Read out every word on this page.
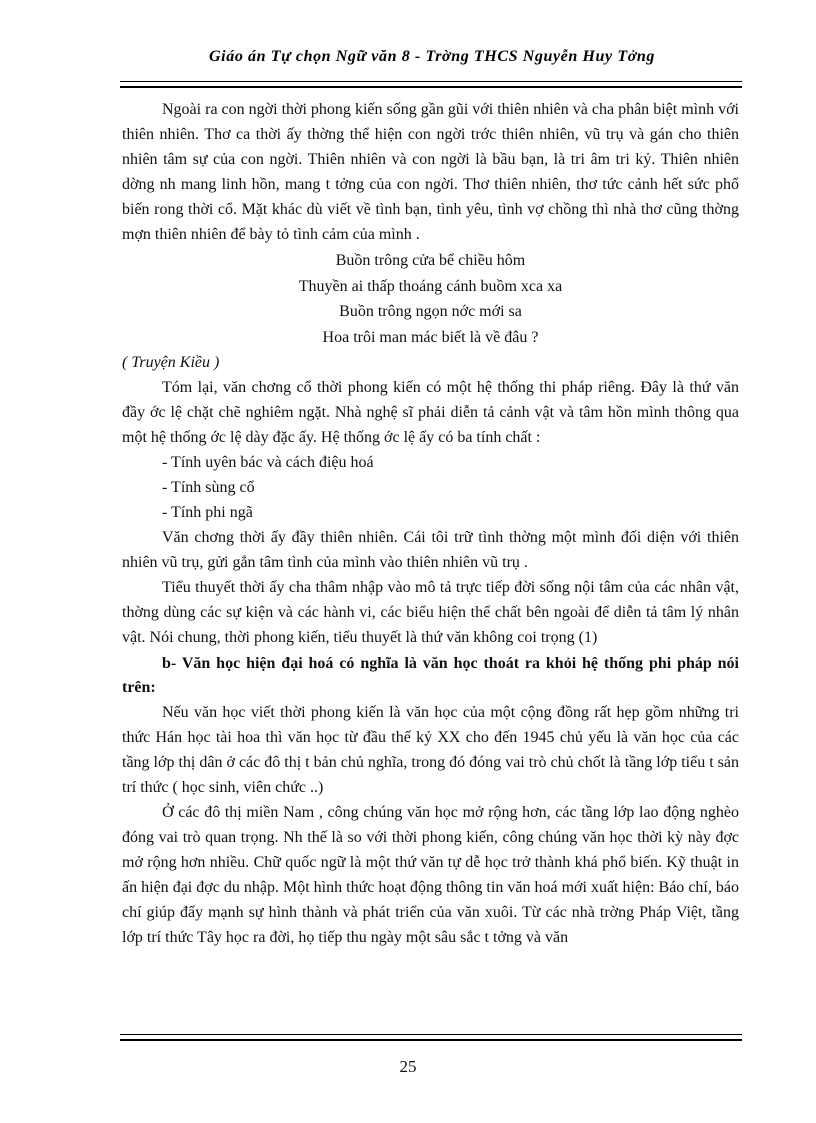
Giáo án Tự chọn Ngữ văn 8 - Trờng THCS Nguyễn Huy Tởng

Ngoài ra con ngời thời phong kiến sống gần gũi với thiên nhiên và cha phân biệt mình với thiên nhiên. Thơ ca thời ấy thờng thể hiện con ngời trớc thiên nhiên, vũ trụ và gán cho thiên nhiên tâm sự của con ngời. Thiên nhiên và con ngời là bầu bạn, là tri âm tri kỷ. Thiên nhiên dờng nh mang linh hồn, mang t tởng của con ngời. Thơ thiên nhiên, thơ tức cảnh hết sức phổ biến rong thời cổ. Mặt khác dù viết về tình bạn, tình yêu, tình vợ chồng thì nhà thơ cũng thờng mợn thiên nhiên để bày tỏ tình cảm của mình .

Buồn trông cửa bể chiều hôm
Thuyền ai thấp thoáng cánh buồm xca xa
Buồn trông ngọn nớc mới sa
Hoa trôi man mác biết là về đâu ?

( Truyện Kiều )

Tóm lại, văn chơng cổ thời phong kiến có một hệ thống thi pháp riêng. Đây là thứ văn đầy ớc lệ chặt chẽ nghiêm ngặt. Nhà nghệ sĩ phải diễn tả cảnh vật và tâm hồn mình thông qua một hệ thống ớc lệ dày đặc ấy. Hệ thống ớc lệ ấy có ba tính chất :

- Tính uyên bác và cách điệu hoá

- Tính sùng cổ

- Tính phi ngã

Văn chơng thời ấy đầy thiên nhiên. Cái tôi trữ tình thờng một mình đối diện với thiên nhiên vũ trụ, gửi gắn tâm tình của mình vào thiên nhiên vũ trụ .

Tiểu thuyết thời ấy cha thâm nhập vào mô tả trực tiếp đời sống nội tâm của các nhân vật, thờng dùng các sự kiện và các hành vi, các biểu hiện thể chất bên ngoài để diễn tả tâm lý nhân vật. Nói chung, thời phong kiến, tiểu thuyết là thứ văn không coi trọng (1)

b- Văn học hiện đại hoá có nghĩa là văn học thoát ra khỏi hệ thống phi pháp nói trên:

Nếu văn học viết thời phong kiến là văn học của một cộng đồng rất hẹp gồm những tri thức Hán học tài hoa thì văn học từ đầu thế kỷ XX cho đến 1945 chủ yếu là văn học của các tầng lớp thị dân ở các đô thị t bản chủ nghĩa, trong đó đóng vai trò chủ chốt là tầng lớp tiểu t sản trí thức ( học sinh, viên chức ..)

Ở các đô thị miền Nam , công chúng văn học mở rộng hơn, các tầng lớp lao động nghèo đóng vai trò quan trọng. Nh thế là so với thời phong kiến, công chúng văn học thời kỳ này đợc mở rộng hơn nhiều. Chữ quốc ngữ là một thứ văn tự dễ học trở thành khá phổ biến. Kỹ thuật in ấn hiện đại đợc du nhập. Một hình thức hoạt động thông tin văn hoá mới xuất hiện: Báo chí, báo chí giúp đẩy mạnh sự hình thành và phát triển của văn xuôi. Từ các nhà trờng Pháp Việt, tầng lớp trí thức Tây học ra đời, họ tiếp thu ngày một sâu sắc t tởng và văn

25
